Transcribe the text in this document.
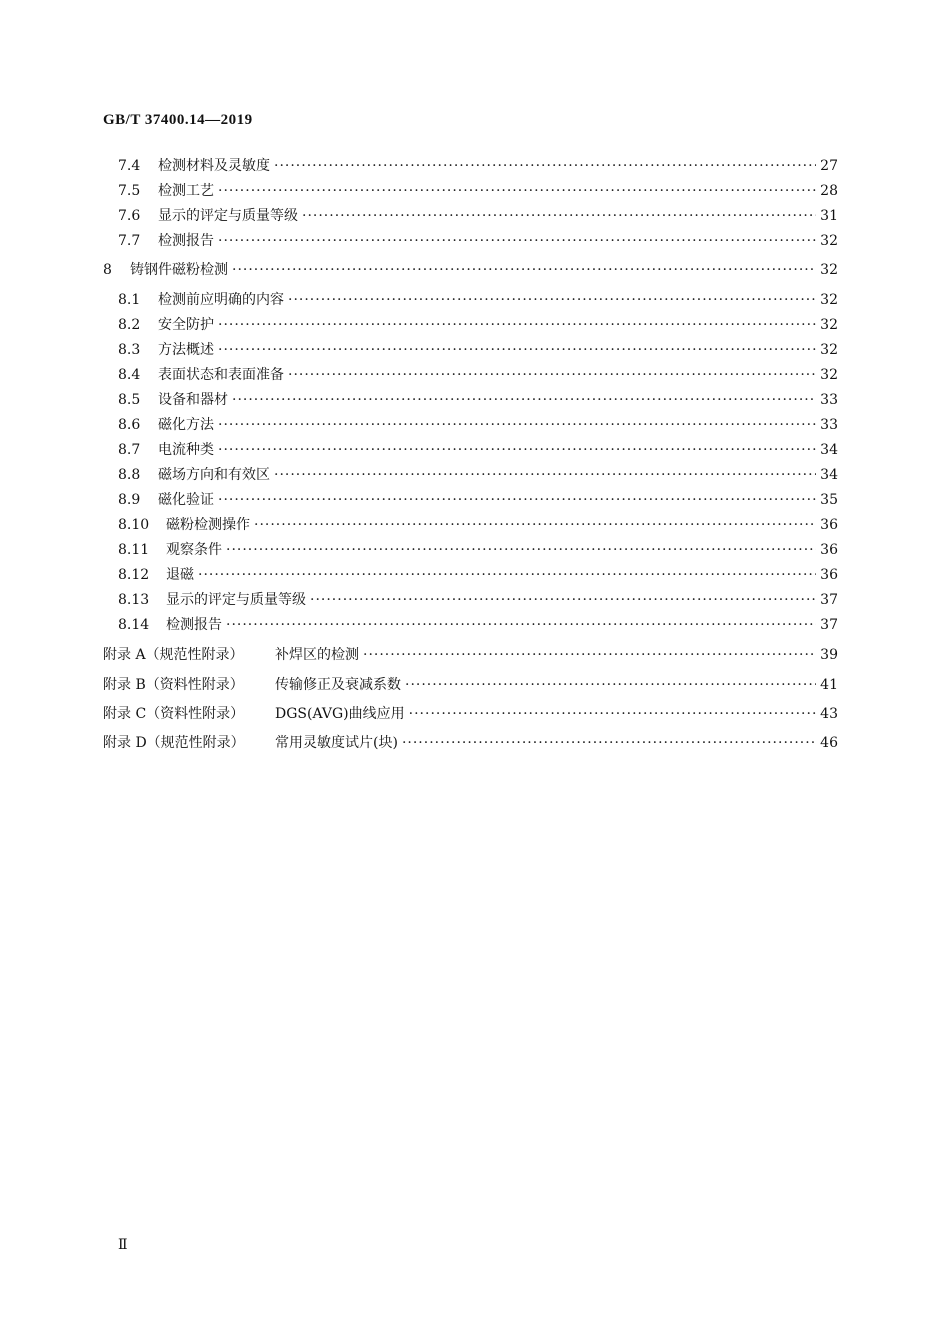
GB/T 37400.14—2019
7.4	检测材料及灵敏度 ·····	27
7.5	检测工艺 ·····	28
7.6	显示的评定与质量等级 ·····	31
7.7	检测报告 ·····	32
8	铸钢件磁粉检测 ·····	32
8.1	检测前应明确的内容 ·····	32
8.2	安全防护 ·····	32
8.3	方法概述 ·····	32
8.4	表面状态和表面准备 ·····	32
8.5	设备和器材 ·····	33
8.6	磁化方法 ·····	33
8.7	电流种类 ·····	34
8.8	磁场方向和有效区 ·····	34
8.9	磁化验证 ·····	35
8.10	磁粉检测操作 ·····	36
8.11	观察条件 ·····	36
8.12	退磁 ·····	36
8.13	显示的评定与质量等级 ·····	37
8.14	检测报告 ·····	37
附录 A（规范性附录）	补焊区的检测 ·····	39
附录 B（资料性附录）	传输修正及衰减系数 ·····	41
附录 C（资料性附录）	DGS(AVG)曲线应用 ·····	43
附录 D（规范性附录）	常用灵敏度试片(块) ·····	46
Ⅱ
